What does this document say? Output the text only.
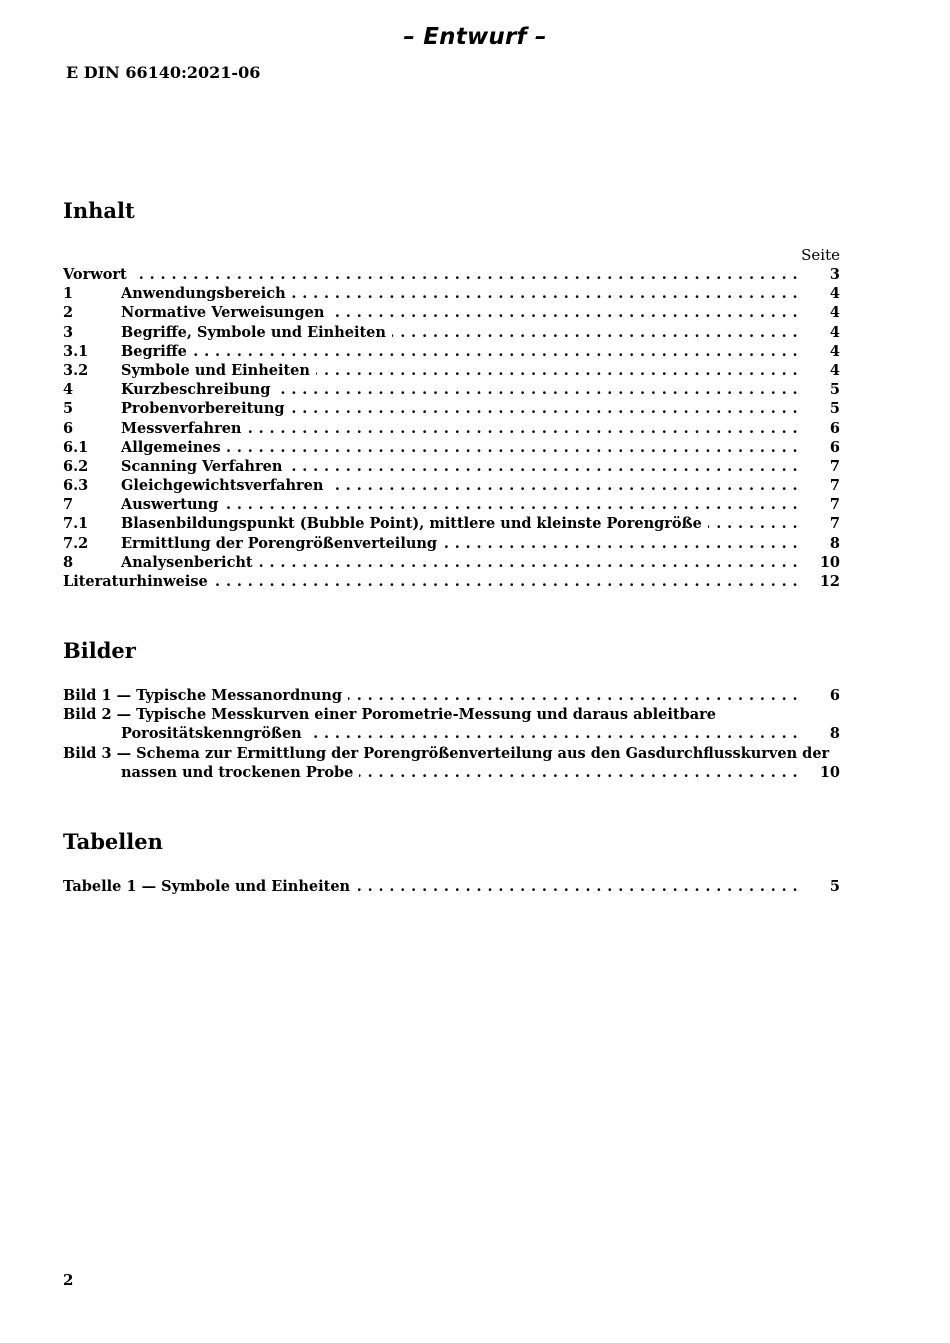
– Entwurf –
E DIN 66140:2021-06
Inhalt
Seite
Vorwort . . .	3
1	Anwendungsbereich . . .	4
2	Normative Verweisungen . . .	4
3	Begriffe, Symbole und Einheiten . . .	4
3.1 Begriffe . . .	4
3.2 Symbole und Einheiten . . .	4
4	Kurzbeschreibung . . .	5
5	Probenvorbereitung . . .	5
6	Messverfahren . . .	6
6.1 Allgemeines . . .	6
6.2 Scanning Verfahren . . .	7
6.3 Gleichgewichtsverfahren . . .	7
7	Auswertung . . .	7
7.1 Blasenbildungspunkt (Bubble Point), mittlere und kleinste Porengröße . . .	7
7.2 Ermittlung der Porengrößenverteilung . . .	8
8	Analysenbericht . . .	10
Literaturhinweise . . .	12
Bilder
Bild 1 — Typische Messanordnung . . .	6
Bild 2 — Typische Messkurven einer Porometrie-Messung und daraus ableitbare
Porositätskenngrößen . . .	8
Bild 3 — Schema zur Ermittlung der Porengrößenverteilung aus den Gasdurchflusskurven der
nassen und trockenen Probe . . .	10
Tabellen
Tabelle 1 — Symbole und Einheiten . . .	5
2
